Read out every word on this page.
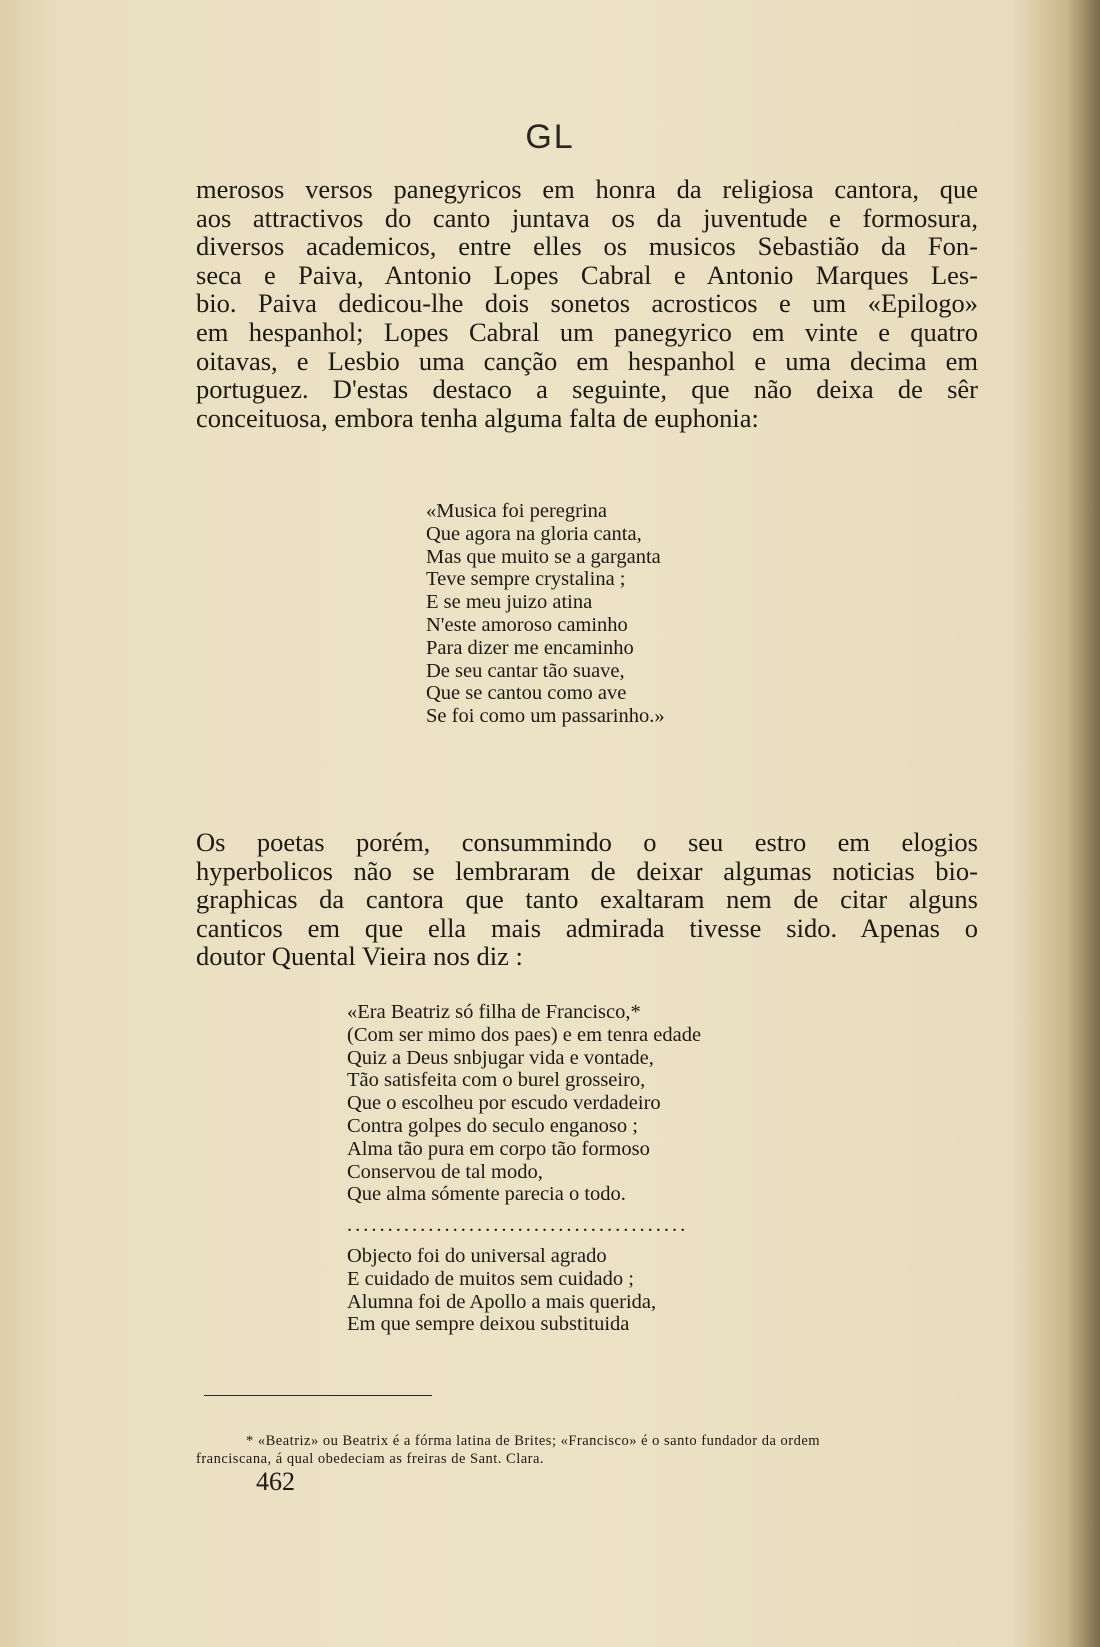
GL
merosos versos panegyricos em honra da religiosa cantora, que
aos attractivos do canto juntava os da juventude e formosura,
diversos academicos, entre elles os musicos Sebastião da Fon-
seca e Paiva, Antonio Lopes Cabral e Antonio Marques Les-
bio. Paiva dedicou-lhe dois sonetos acrosticos e um «Epilogo»
em hespanhol; Lopes Cabral um panegyrico em vinte e quatro
oitavas, e Lesbio uma canção em hespanhol e uma decima em
portuguez. D'estas destaco a seguinte, que não deixa de sêr
conceituosa, embora tenha alguma falta de euphonia:
«Musica foi peregrina
Que agora na gloria canta,
Mas que muito se a garganta
Teve sempre crystalina ;
E se meu juizo atina
N'este amoroso caminho
Para dizer me encaminho
De seu cantar tão suave,
Que se cantou como ave
Se foi como um passarinho.»
Os poetas porém, consummindo o seu estro em elogios
hyperbolicos não se lembraram de deixar algumas noticias bio-
graphicas da cantora que tanto exaltaram nem de citar alguns
canticos em que ella mais admirada tivesse sido. Apenas o
doutor Quental Vieira nos diz :
«Era Beatriz só filha de Francisco,*
(Com ser mimo dos paes) e em tenra edade
Quiz a Deus snbjugar vida e vontade,
Tão satisfeita com o burel grosseiro,
Que o escolheu por escudo verdadeiro
Contra golpes do seculo enganoso ;
Alma tão pura em corpo tão formoso
Conservou de tal modo,
Que alma sómente parecia o todo.
..........................................
Objecto foi do universal agrado
E cuidado de muitos sem cuidado ;
Alumna foi de Apollo a mais querida,
Em que sempre deixou substituida
* «Beatriz» ou Beatrix é a fórma latina de Brites; «Francisco» é o santo fundador da ordem
franciscana, á qual obedeciam as freiras de Sant. Clara.
462
